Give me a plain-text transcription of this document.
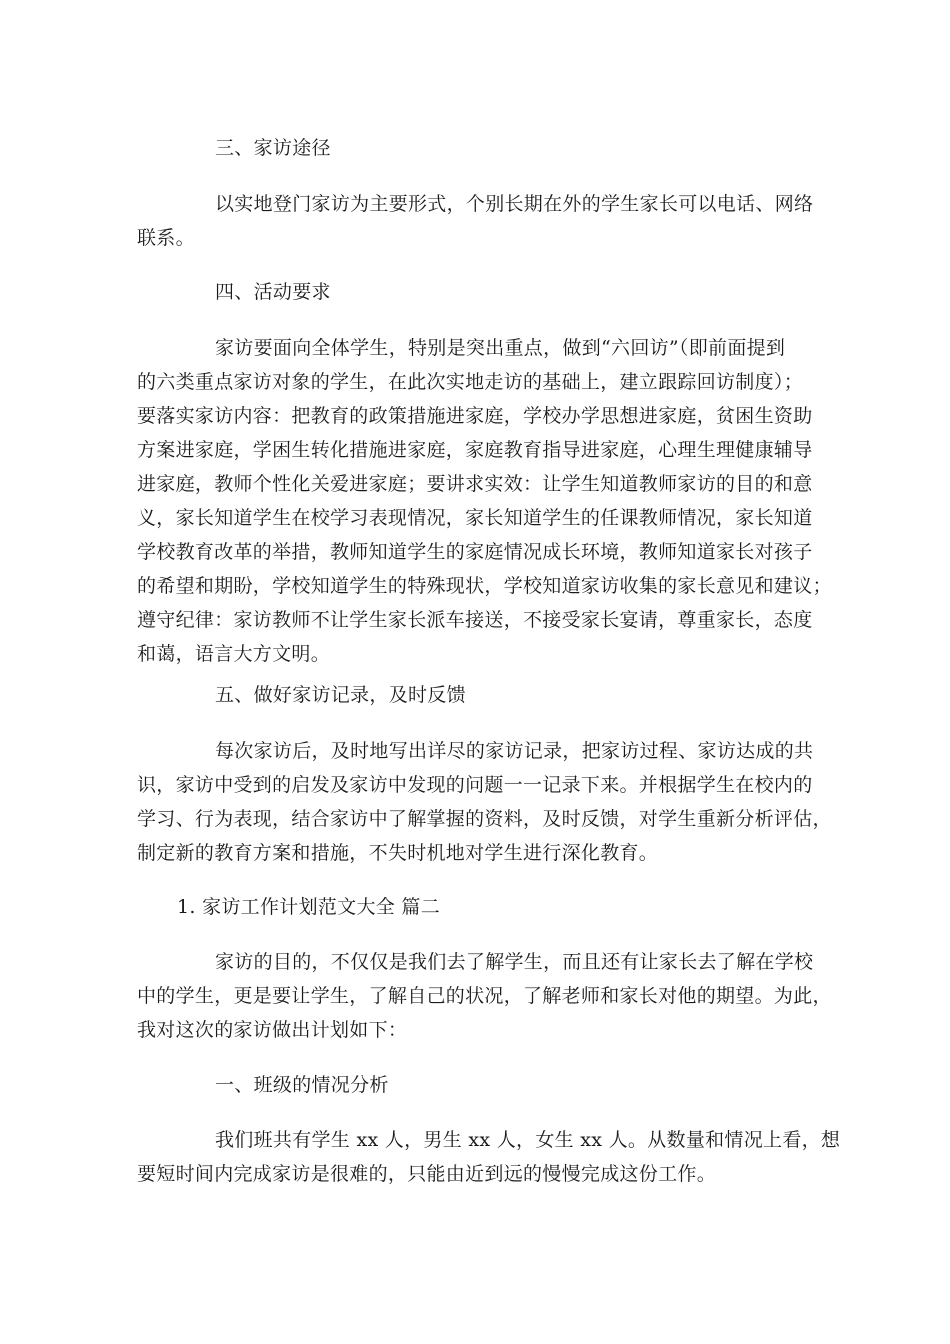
三、家访途径

以实地登门家访为主要形式，个别长期在外的学生家长可以电话、网络

联系。

四、活动要求

家访要面向全体学生，特别是突出重点，做到“六回访”（即前面提到

的六类重点家访对象的学生，在此次实地走访的基础上，建立跟踪回访制度）；

要落实家访内容：把教育的政策措施进家庭，学校办学思想进家庭，贫困生资助

方案进家庭，学困生转化措施进家庭，家庭教育指导进家庭，心理生理健康辅导

进家庭，教师个性化关爱进家庭；要讲求实效：让学生知道教师家访的目的和意

义，家长知道学生在校学习表现情况，家长知道学生的任课教师情况，家长知道

学校教育改革的举措，教师知道学生的家庭情况成长环境，教师知道家长对孩子

的希望和期盼，学校知道学生的特殊现状，学校知道家访收集的家长意见和建议；

遵守纪律：家访教师不让学生家长派车接送，不接受家长宴请，尊重家长，态度

和蔼，语言大方文明。

五、做好家访记录，及时反馈

每次家访后，及时地写出详尽的家访记录，把家访过程、家访达成的共

识，家访中受到的启发及家访中发现的问题一一记录下来。并根据学生在校内的

学习、行为表现，结合家访中了解掌握的资料，及时反馈，对学生重新分析评估，

制定新的教育方案和措施，不失时机地对学生进行深化教育。

1. 家访工作计划范文大全 篇二

家访的目的，不仅仅是我们去了解学生，而且还有让家长去了解在学校

中的学生，更是要让学生，了解自己的状况，了解老师和家长对他的期望。为此，

我对这次的家访做出计划如下：

一、班级的情况分析

我们班共有学生 xx 人，男生 xx 人，女生 xx 人。从数量和情况上看，想

要短时间内完成家访是很难的，只能由近到远的慢慢完成这份工作。
